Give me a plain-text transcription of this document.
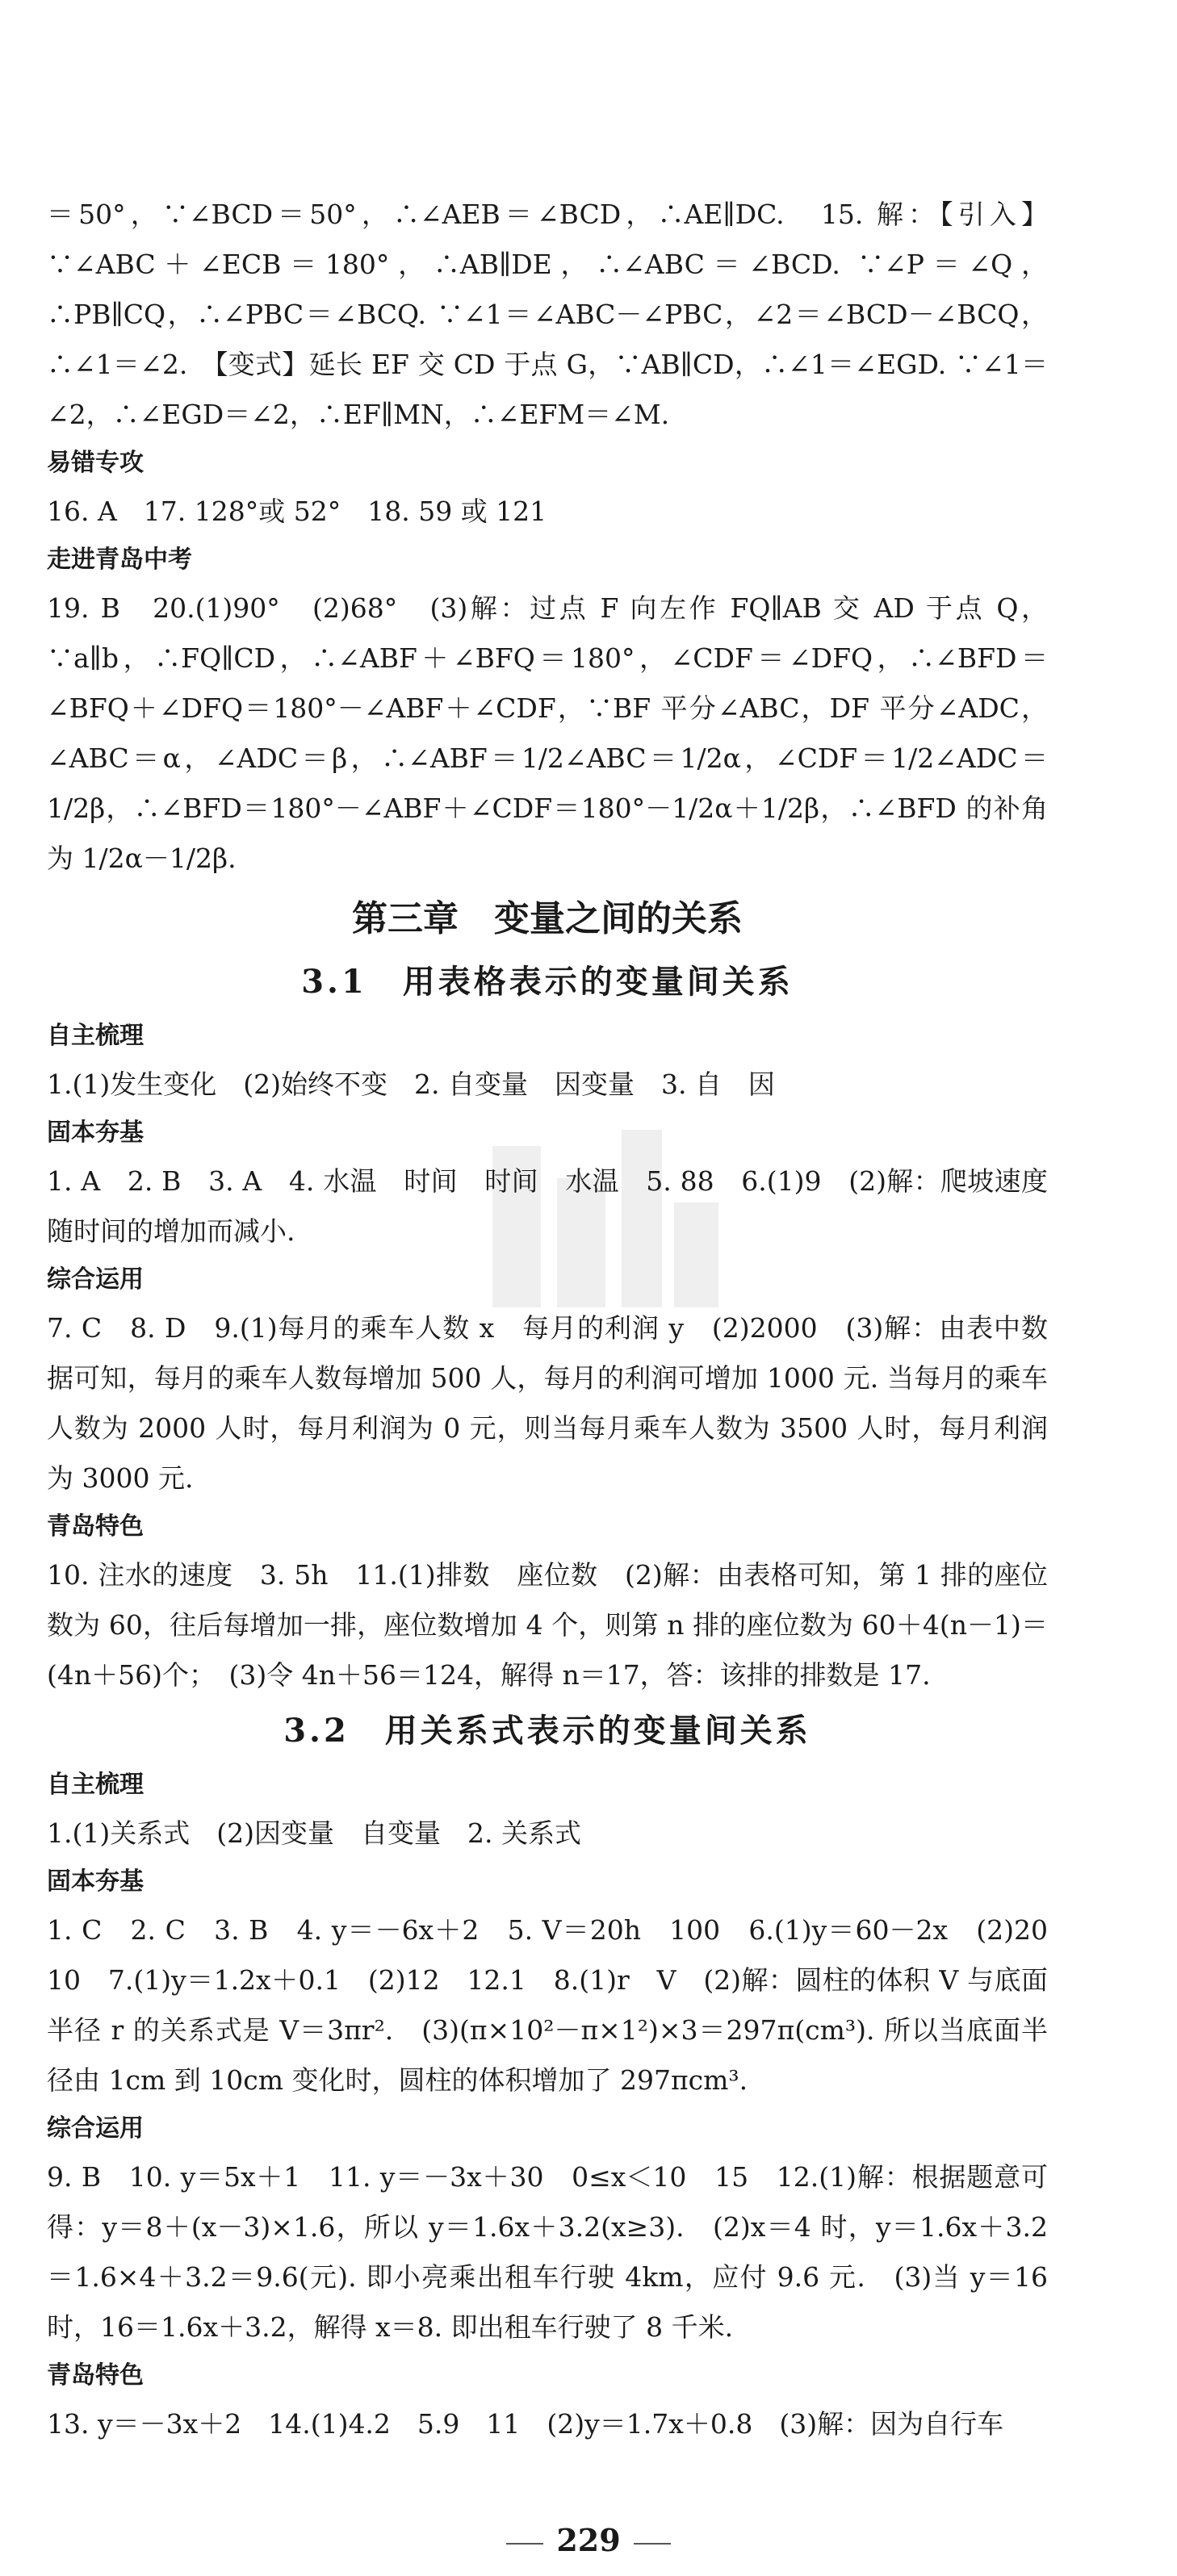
＝50°，∵∠BCD＝50°，∴∠AEB＝∠BCD，∴AE∥DC.　15. 解：【引入】∵∠ABC＋∠ECB＝180°，∴AB∥DE，∴∠ABC＝∠BCD. ∵∠P＝∠Q，∴PB∥CQ，∴∠PBC＝∠BCQ. ∵∠1＝∠ABC－∠PBC，∠2＝∠BCD－∠BCQ，∴∠1＝∠2.　【变式】延长 EF 交 CD 于点 G，∵AB∥CD，∴∠1＝∠EGD. ∵∠1＝∠2，∴∠EGD＝∠2，∴EF∥MN，∴∠EFM＝∠M.

易错专攻

16. A　17. 128°或 52°　18. 59 或 121

走进青岛中考

19. B　20.(1)90°　(2)68°　(3)解：过点 F 向左作 FQ∥AB 交 AD 于点 Q，∵a∥b，∴FQ∥CD，∴∠ABF＋∠BFQ＝180°，∠CDF＝∠DFQ，∴∠BFD＝∠BFQ＋∠DFQ＝180°－∠ABF＋∠CDF，∵BF 平分∠ABC，DF 平分∠ADC，∠ABC＝α，∠ADC＝β，∴∠ABF＝1/2∠ABC＝1/2α，∠CDF＝1/2∠ADC＝1/2β，∴∠BFD＝180°－∠ABF＋∠CDF＝180°－1/2α＋1/2β，∴∠BFD 的补角为 1/2α－1/2β.

第三章　变量之间的关系
3.1　用表格表示的变量间关系

自主梳理

1.(1)发生变化　(2)始终不变　2. 自变量　因变量　3. 自　因

固本夯基

1. A　2. B　3. A　4. 水温　时间　时间　水温　5. 88　6.(1)9　(2)解：爬坡速度随时间的增加而减小.

综合运用

7. C　8. D　9.(1)每月的乘车人数 x　每月的利润 y　(2)2000　(3)解：由表中数据可知，每月的乘车人数每增加 500 人，每月的利润可增加 1000 元. 当每月的乘车人数为 2000 人时，每月利润为 0 元，则当每月乘车人数为 3500 人时，每月利润为 3000 元.

青岛特色

10. 注水的速度　3. 5h　11.(1)排数　座位数　(2)解：由表格可知，第 1 排的座位数为 60，往后每增加一排，座位数增加 4 个，则第 n 排的座位数为 60＋4(n－1)＝(4n＋56)个；　(3)令 4n＋56＝124，解得 n＝17，答：该排的排数是 17.

3.2　用关系式表示的变量间关系

自主梳理

1.(1)关系式　(2)因变量　自变量　2. 关系式

固本夯基

1. C　2. C　3. B　4. y＝－6x＋2　5. V＝20h　100　6.(1)y＝60－2x　(2)20　10　7.(1)y＝1.2x＋0.1　(2)12　12.1　8.(1)r　V　(2)解：圆柱的体积 V 与底面半径 r 的关系式是 V＝3πr².　(3)(π×10²－π×1²)×3＝297π(cm³). 所以当底面半径由 1cm 到 10cm 变化时，圆柱的体积增加了 297πcm³.

综合运用

9. B　10. y＝5x＋1　11. y＝－3x＋30　0≤x＜10　15　12.(1)解：根据题意可得：y＝8＋(x－3)×1.6，所以 y＝1.6x＋3.2(x≥3).　(2)x＝4 时，y＝1.6x＋3.2＝1.6×4＋3.2＝9.6(元). 即小亮乘出租车行驶 4km，应付 9.6 元.　(3)当 y＝16 时，16＝1.6x＋3.2，解得 x＝8. 即出租车行驶了 8 千米.

青岛特色

13. y＝－3x＋2　14.(1)4.2　5.9　11　(2)y＝1.7x＋0.8　(3)解：因为自行车

229
